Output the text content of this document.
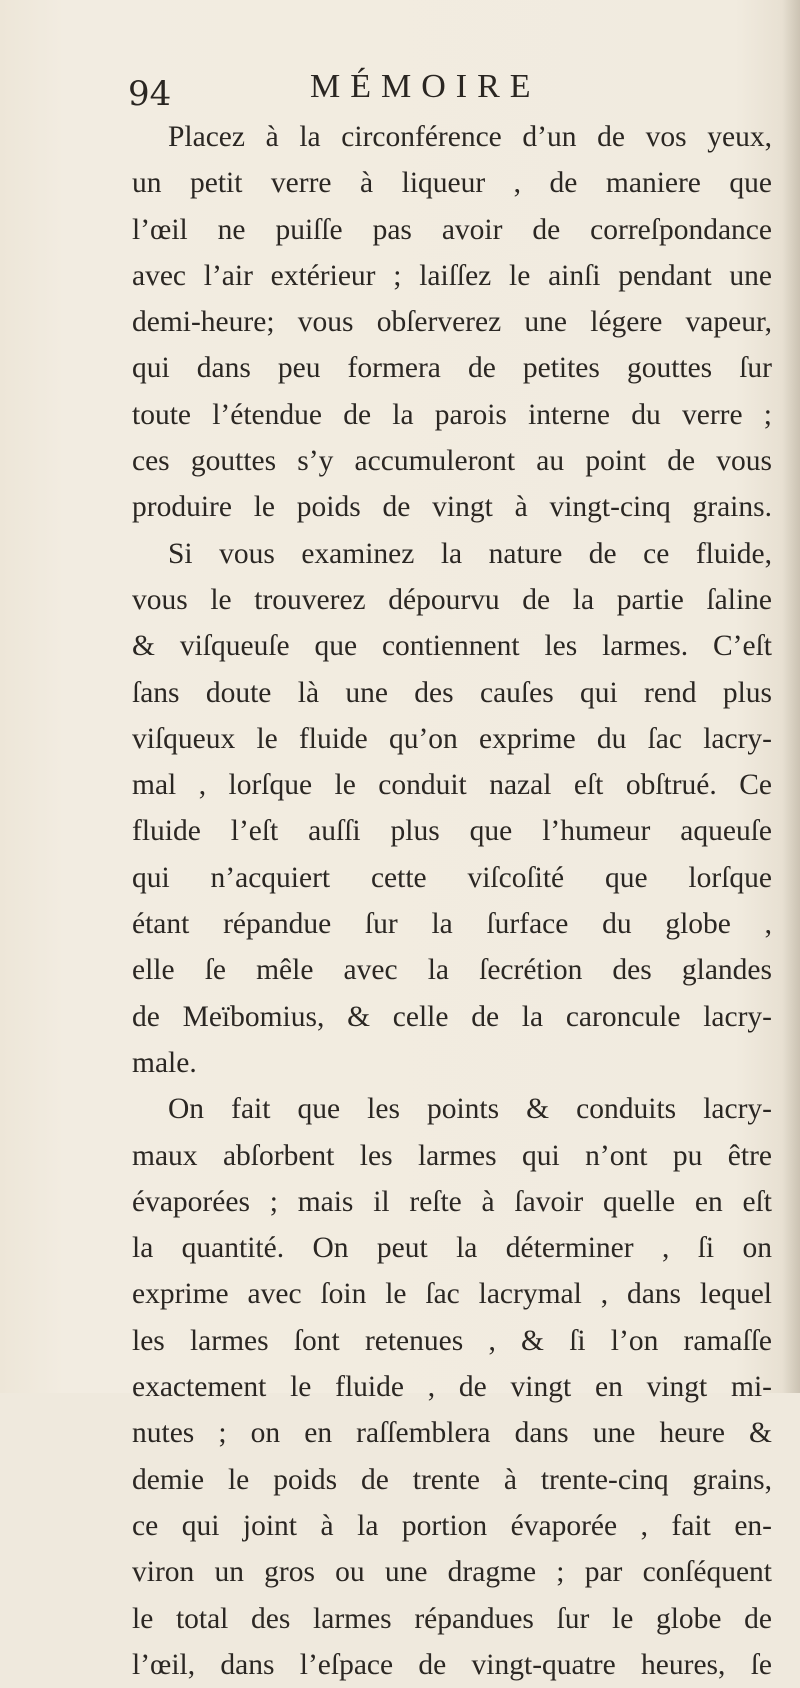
94	MÉMOIRE
Placez à la circonférence d’un de vos yeux,
un petit verre à liqueur , de maniere que
l’œil ne puiſſe pas avoir de correſpondance
avec l’air extérieur ; laiſſez le ainſi pendant une
demi-heure; vous obſerverez une légere vapeur,
qui dans peu formera de petites gouttes ſur
toute l’étendue de la parois interne du verre ;
ces gouttes s’y accumuleront au point de vous
produire le poids de vingt à vingt-cinq grains.
Si vous examinez la nature de ce fluide,
vous le trouverez dépourvu de la partie ſaline
& viſqueuſe que contiennent les larmes. C’eſt
ſans doute là une des cauſes qui rend plus
viſqueux le fluide qu’on exprime du ſac lacry-
mal , lorſque le conduit nazal eſt obſtrué. Ce
fluide l’eſt auſſi plus que l’humeur aqueuſe
qui n’acquiert cette viſcoſité que lorſque
étant répandue ſur la ſurface du globe ,
elle ſe mêle avec la ſecrétion des glandes
de Meïbomius, & celle de la caroncule lacry-
male.
On fait que les points & conduits lacry-
maux abſorbent les larmes qui n’ont pu être
évaporées ; mais il reſte à ſavoir quelle en eſt
la quantité. On peut la déterminer , ſi on
exprime avec ſoin le ſac lacrymal , dans lequel
les larmes ſont retenues , & ſi l’on ramaſſe
exactement le fluide , de vingt en vingt mi-
nutes ; on en raſſemblera dans une heure &
demie le poids de trente à trente-cinq grains,
ce qui joint à la portion évaporée , fait en-
viron un gros ou une dragme ; par conſéquent
le total des larmes répandues ſur le globe de
l’œil, dans l’eſpace de vingt-quatre heures, ſe
